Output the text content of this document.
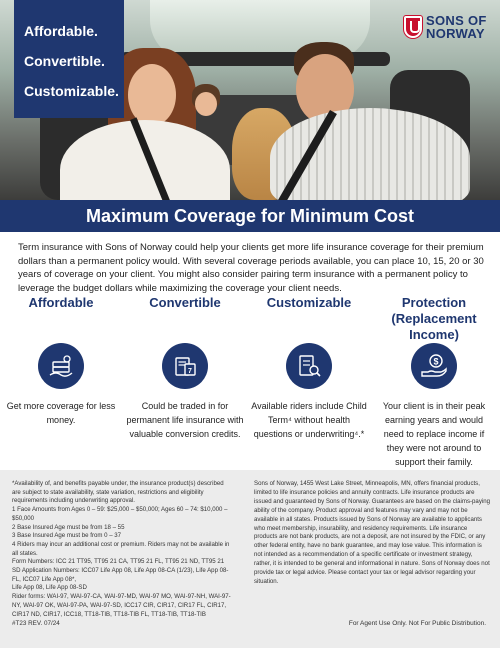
Affordable.
Convertible.
Customizable.
SONS OF
NORWAY
Maximum Coverage for Minimum Cost
Term insurance with Sons of Norway could help your clients get more life insurance coverage for their premium dollars than a permanent policy would. With several coverage periods available, you can place 10, 15, 20 or 30 years of coverage on your client. You might also consider pairing term insurance with a permanent policy to leverage the budget dollars while maximizing the coverage your client needs.
Affordable
Get more coverage for less money.
Convertible
7
Could be traded in for permanent life insurance with valuable conversion credits.
Customizable
Available riders include Child Term⁴ without health questions or underwriting⁴.*
Protection (Replacement Income)
$
Your client is in their peak earning years and would need to replace income if they were not around to support their family.
*Availability of, and benefits payable under, the insurance product(s) described are subject to state availability, state variation, restrictions and eligibility requirements including underwriting approval.
1 Face Amounts from Ages 0 – 59: $25,000 – $50,000; Ages 60 – 74: $10,000 – $50,000
2 Base Insured Age must be from 18 – 55
3 Base Insured Age must be from 0 – 37
4 Riders may incur an additional cost or premium. Riders may not be available in all states.
Form Numbers: ICC 21 TT95, TT95 21 CA, TT95 21 FL, TT95 21 ND, TT95 21 SD Application Numbers: ICC07 Life App 08, Life App 08-CA (1/23), Life App 08-FL, ICC07 Life App 08*,
Life App 08, Life App 08-SD
Rider forms: WAI-97, WAI-97-CA, WAI-97-MD, WAI-97 MO, WAI-97-NH, WAI-97-NY, WAI-97 OK, WAI-97-PA, WAI-97-SD, ICC17 CIR, CIR17, CIR17 FL, CIR17, CIR17 ND, CIR17, ICC18, TT18-TIB, TT18-TIB FL, TT18-TIB, TT18-TIB
Sons of Norway, 1455 West Lake Street, Minneapolis, MN, offers financial products, limited to life insurance policies and annuity contracts. Life insurance products are issued and guaranteed by Sons of Norway. Guarantees are based on the claims-paying ability of the company. Product approval and features may vary and may not be available in all states. Products issued by Sons of Norway are available to applicants who meet membership, insurability, and residency requirements. Life insurance products are not bank products, are not a deposit, are not insured by the FDIC, or any other federal entity, have no bank guarantee, and may lose value. This information is not intended as a recommendation of a specific certificate or investment strategy, rather, it is intended to be general and informational in nature. Sons of Norway does not provide tax or legal advice. Please contact your tax or legal advisor regarding your situation.
#T23 REV. 07/24	For Agent Use Only. Not For Public Distribution.
